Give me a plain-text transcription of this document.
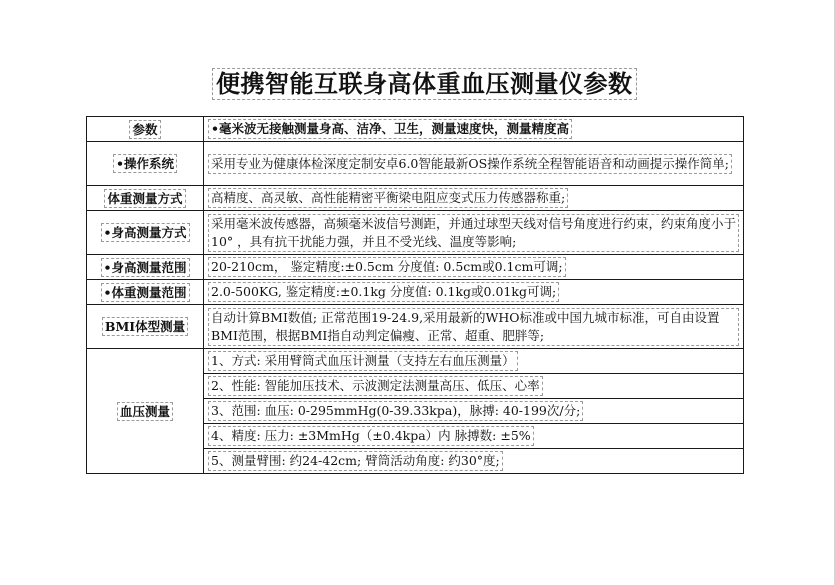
便携智能互联身高体重血压测量仪参数
参数	•毫米波无接触测量身高、洁净、卫生，测量速度快，测量精度高
•操作系统	采用专业为健康体检深度定制安卓6.0智能最新OS操作系统全程智能语音和动画提示操作简单;
体重测量方式	高精度、高灵敏、高性能精密平衡梁电阻应变式压力传感器称重;
•身高测量方式	采用毫米波传感器，高频毫米波信号测距，并通过球型天线对信号角度进行约束，约束角度小于10° ，具有抗干扰能力强，并且不受光线、温度等影响;
•身高测量范围	20-210cm， 鉴定精度:±0.5cm 分度值: 0.5cm或0.1cm可调;
•体重测量范围	2.0-500KG, 鉴定精度:±0.1kg 分度值: 0.1kg或0.01kg可调;
BMI体型测量	自动计算BMI数值; 正常范围19-24.9,采用最新的WHO标准或中国九城市标准，可自由设置BMI范围，根据BMI指自动判定偏瘦、正常、超重、肥胖等;
血压测量	1、方式: 采用臂筒式血压计测量（支持左右血压测量）
	2、性能: 智能加压技术、示波测定法测量高压、低压、心率
	3、范围: 血压: 0-295mmHg(0-39.33kpa)，脉搏: 40-199次/分;
	4、精度: 压力: ±3MmHg（±0.4kpa）内 脉搏数: ±5%
	5、测量臂围: 约24-42cm; 臂筒活动角度: 约30°度;
